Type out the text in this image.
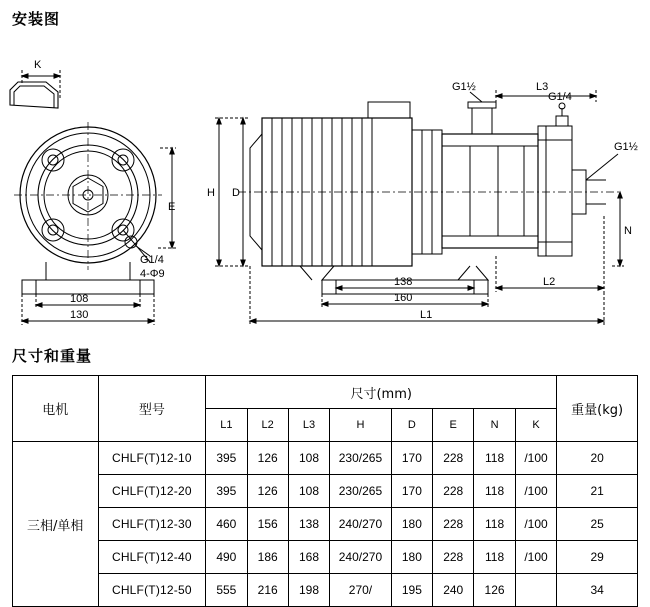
安装图
K
E
G1/4
4-Φ9
108
130
H D
G1½	L3
G1/4
G1½
N
138
160
L2
L1
尺寸和重量
电机	型号	尺寸(mm)								重量(kg)
		L1	L2	L3	H	D	E	N	K	
三相/单相	CHLF(T)12-10	395	126	108	230/265	170	228	118	/100	20
	CHLF(T)12-20	395	126	108	230/265	170	228	118	/100	21
	CHLF(T)12-30	460	156	138	240/270	180	228	118	/100	25
	CHLF(T)12-40	490	186	168	240/270	180	228	118	/100	29
	CHLF(T)12-50	555	216	198	270/	195	240	126		34
